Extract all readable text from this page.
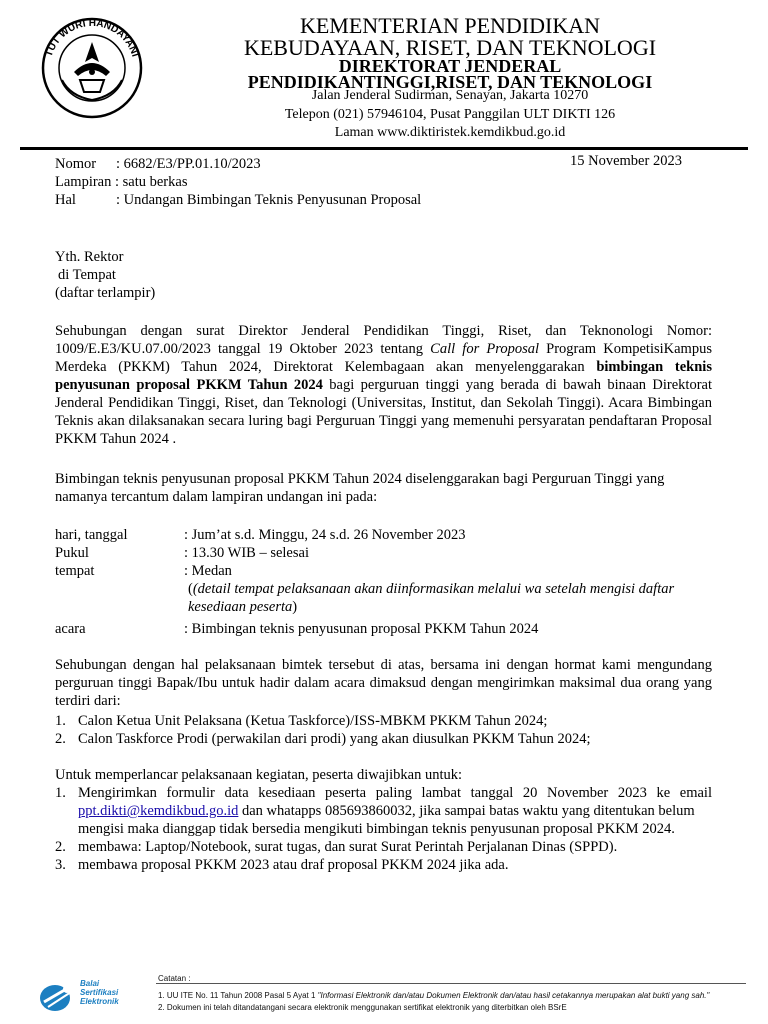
TUT WURI HANDAYANI
KEMENTERIAN PENDIDIKAN
KEBUDAYAAN, RISET, DAN TEKNOLOGI
DIREKTORAT JENDERAL
PENDIDIKANTINGGI,RISET, DAN TEKNOLOGI
Jalan Jenderal Sudirman, Senayan, Jakarta 10270
Telepon (021) 57946104, Pusat Panggilan ULT DIKTI 126
Laman www.diktiristek.kemdikbud.go.id
Nomor : 6682/E3/PP.01.10/2023	15 November 2023
Lampiran : satu berkas
Hal	: Undangan Bimbingan Teknis Penyusunan Proposal
Yth. Rektor
di Tempat
(daftar terlampir)
Sehubungan dengan surat Direktor Jenderal Pendidikan Tinggi, Riset, dan Teknonologi Nomor: 1009/E.E3/KU.07.00/2023 tanggal 19 Oktober 2023 tentang Call for Proposal Program KompetisiKampus Merdeka (PKKM) Tahun 2024, Direktorat Kelembagaan akan menyelenggarakan bimbingan teknis penyusunan proposal PKKM Tahun 2024 bagi perguruan tinggi yang berada di bawah binaan Direktorat Jenderal Pendidikan Tinggi, Riset, dan Teknologi (Universitas, Institut, dan Sekolah Tinggi). Acara Bimbingan Teknis akan dilaksanakan secara luring bagi Perguruan Tinggi yang memenuhi persyaratan pendaftaran Proposal PKKM Tahun 2024 .
Bimbingan teknis penyusunan proposal PKKM Tahun 2024 diselenggarakan bagi Perguruan Tinggi yang
namanya tercantum dalam lampiran undangan ini pada:
hari, tanggal	: Jum’at s.d. Minggu, 24 s.d. 26 November 2023
Pukul	: 13.30 WIB – selesai
tempat	: Medan
((detail tempat pelaksanaan akan diinformasikan melalui wa setelah mengisi daftar
kesediaan peserta)
acara	: Bimbingan teknis penyusunan proposal PKKM Tahun 2024
Sehubungan dengan hal pelaksanaan bimtek tersebut di atas, bersama ini dengan hormat kami mengundang perguruan tinggi Bapak/Ibu untuk hadir dalam acara dimaksud dengan mengirimkan maksimal dua orang yang terdiri dari:
1. Calon Ketua Unit Pelaksana (Ketua Taskforce)/ISS-MBKM PKKM Tahun 2024;
2. Calon Taskforce Prodi (perwakilan dari prodi) yang akan diusulkan PKKM Tahun 2024;
Untuk memperlancar pelaksanaan kegiatan, peserta diwajibkan untuk:
1. Mengirimkan formulir data kesediaan peserta paling lambat tanggal 20 November 2023 ke email
ppt.dikti@kemdikbud.go.id dan whatapps 085693860032, jika sampai batas waktu yang ditentukan belum
mengisi maka dianggap tidak bersedia mengikuti bimbingan teknis penyusunan proposal PKKM 2024.
2. membawa: Laptop/Notebook, surat tugas, dan surat Surat Perintah Perjalanan Dinas (SPPD).
3. membawa proposal PKKM 2023 atau draf proposal PKKM 2024 jika ada.
Balai
Sertifikasi
Elektronik
Catatan :
1. UU ITE No. 11 Tahun 2008 Pasal 5 Ayat 1 "Informasi Elektronik dan/atau Dokumen Elektronik dan/atau hasil cetakannya merupakan alat bukti yang sah."
2. Dokumen ini telah ditandatangani secara elektronik menggunakan sertifikat elektronik yang diterbitkan oleh BSrE
